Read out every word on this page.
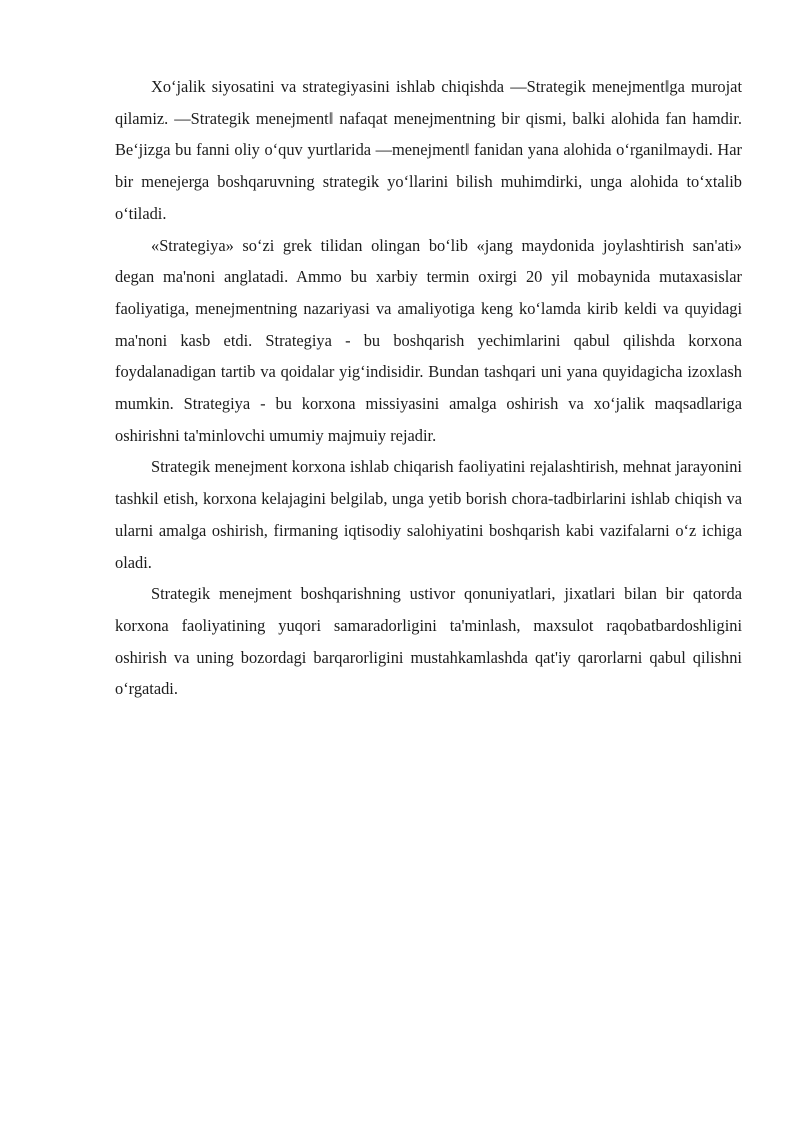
Xo‘jalik siyosatini va strategiyasini ishlab chiqishda ―Strategik menejmentǁga murojat qilamiz. ―Strategik menejmentǁ nafaqat menejmentning bir qismi, balki alohida fan hamdir. Be‘jizga bu fanni oliy o‘quv yurtlarida ―menejmentǁ fanidan yana alohida o‘rganilmaydi. Har bir menejerga boshqaruvning strategik yo‘llarini bilish muhimdirki, unga alohida to‘xtalib o‘tiladi.

«Strategiya» so‘zi grek tilidan olingan bo‘lib «jang maydonida joylashtirish san'ati» degan ma'noni anglatadi. Ammo bu xarbiy termin oxirgi 20 yil mobaynida mutaxasislar faoliyatiga, menejmentning nazariyasi va amaliyotiga keng ko‘lamda kirib keldi va quyidagi ma'noni kasb etdi. Strategiya - bu boshqarish yechimlarini qabul qilishda korxona foydalanadigan tartib va qoidalar yig‘indisidir. Bundan tashqari uni yana quyidagicha izoxlash mumkin. Strategiya - bu korxona missiyasini amalga oshirish va xo‘jalik maqsadlariga oshirishni ta'minlovchi umumiy majmuiy rejadir.

Strategik menejment korxona ishlab chiqarish faoliyatini rejalashtirish, mehnat jarayonini tashkil etish, korxona kelajagini belgilab, unga yetib borish chora-tadbirlarini ishlab chiqish va ularni amalga oshirish, firmaning iqtisodiy salohiyatini boshqarish kabi vazifalarni o‘z ichiga oladi.

Strategik menejment boshqarishning ustivor qonuniyatlari, jixatlari bilan bir qatorda korxona faoliyatining yuqori samaradorligini ta'minlash, maxsulot raqobatbardoshligini oshirish va uning bozordagi barqarorligini mustahkamlashda qat'iy qarorlarni qabul qilishni o‘rgatadi.
